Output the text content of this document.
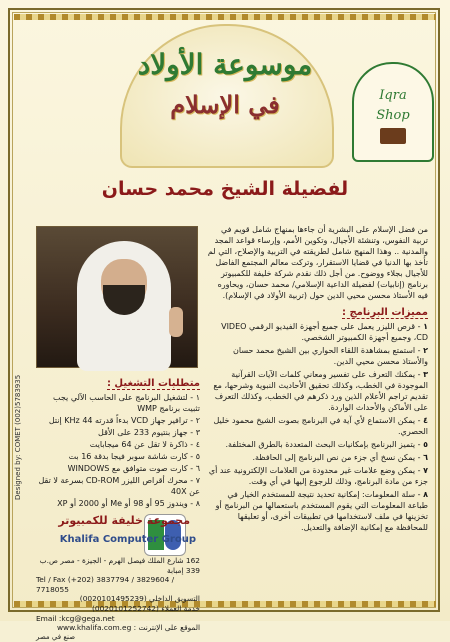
موسوعة الأولاد
في الإسلام	Iqra
Shop
لفضيلة الشيخ محمد حسان

من فضل الإسلام على البشرية أن جاءها بمنهاج شامل قويم في تربية النفوس، وتنشئة الأجيال، وتكوين الأمم، وإرساء قواعد المجد والمدنية .. وهذا المنهج شامل لطريقته في التربية والإصلاح، التي لم تأخذ بها الدنيا في قضايا الاستقرار، وتركت معالم المجتمع الفاضل للأجيال بجلاء ووضوح. من أجل ذلك نقدم شركة خليفة للكمبيوتر برنامج (إنابيات) لفضيلة الداعية الإسلامي/ محمد حسان، ويحاوره فيه الأستاذ محسن محيي الدين حول (تربية الأولاد في الإسلام).

مميزات البرنامج :
١ - قرص الليزر يعمل على جميع أجهزة الفيديو الرقمي VIDEO CD، وجميع أجهزة الكمبيوتر الشخصي.
٢ - استمتع بمشاهدة اللقاء الحواري بين الشيخ محمد حسان والأستاذ محسن محيي الدين.
٣ - يمكنك التعرف على تفسير ومعاني كلمات الآيات القرآنية الموجودة في الخطب، وكذلك تحقيق الأحاديث النبوية وشرحها، مع تقديم تراجم الأعلام الذين ورد ذكرهم في الخطب، وكذلك التعرف على الأماكن والأحداث الواردة.
٤ - يمكن الاستماع لأي آية في البرنامج بصوت الشيخ محمود خليل الحصري.
٥ - يتميز البرنامج بإمكانيات البحث المتعددة بالطرق المختلفة.
٦ - يمكن نسخ أي جزء من نص البرنامج إلى الحافظة.
٧ - يمكن وضع علامات غير محدودة من العلامات الإلكترونية عند أي جزء من مادة البرنامج، وذلك للرجوع إليها في أي وقت.
٨ - سلة المعلومات: إمكانية تحديد نتيجة للمستخدم الخيار في طباعة المعلومات التي يقوم المستخدم باستعمالها من البرنامج أو تخزينها في ملف لاستخدامها في تطبيقات أخرى، أو تعليقها للمحافظة مع إمكانية الإضافة والتعديل.
متطلبات التشغيل :
١ - لتشغيل البرنامج على الحاسب الآلي يجب تثبيت برنامج WMP
٢ - ترافير جهاز VCD بدءاً قدرته 44 KHz إنتل
٣ - جهاز بنتيوم 233 على الأقل
٤ - ذاكرة لا تقل عن 64 ميجابايت
٥ - كارت شاشة سوبر فيجا بدقة 16 بت
٦ - كارت صوت متوافق مع WINDOWS
٧ - محرك أقراص الليزر CD-ROM بسرعة لا تقل عن 40X
٨ - ويندوز 95 أو 98 أو Me أو 2000 أو XP
Designed by: COMET (002)5783935
مجموعة خليفة للكمبيوتر
Khalifa Computer Group
162 شارع الملك فيصل الهرم - الجيزة - مصر ص.ب 339 إمبابة
Tel / Fax (+202) 3837794 / 3829604 / 7718055
التسويق الداخلي (0020101495239)
خدمة العملاء (0020101252742)
Email :kcg@gega.net
الموقع على الإنترنت : www.khalifa.com.eg
صنع في مصر
